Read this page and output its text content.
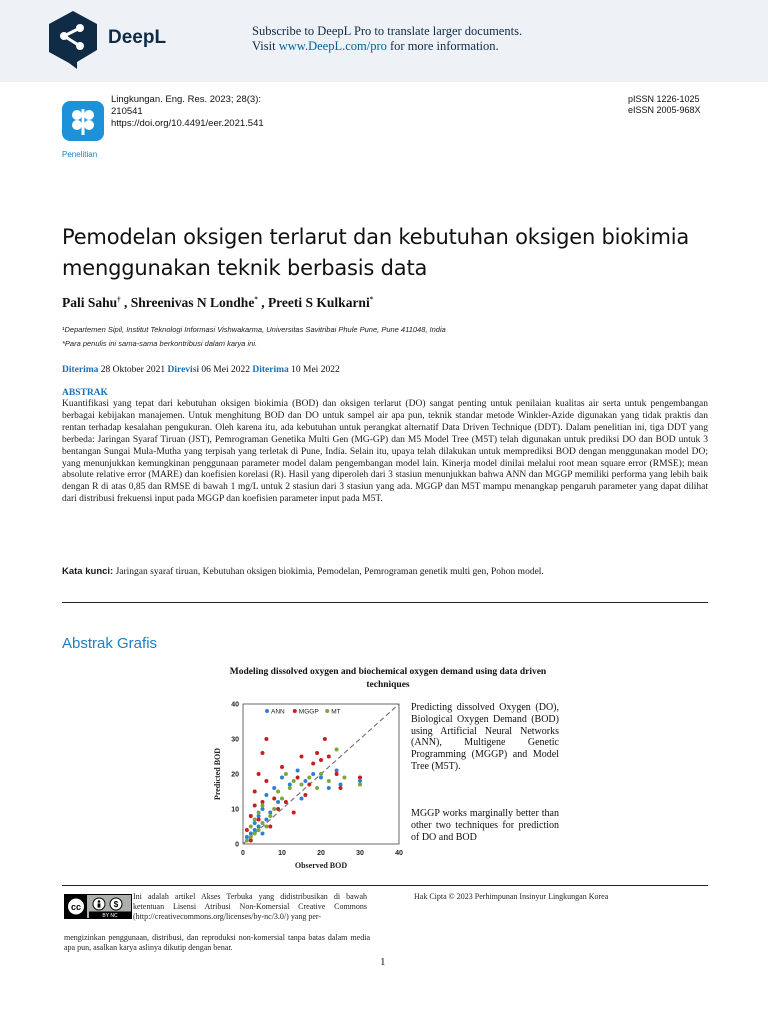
DeepL	Subscribe to DeepL Pro to translate larger documents.
Visit www.DeepL.com/pro for more information.
Penelitian
Lingkungan. Eng. Res. 2023; 28(3):
210541
https://doi.org/10.4491/eer.2021.541
pISSN 1226-1025
eISSN 2005-968X
Pemodelan oksigen terlarut dan kebutuhan oksigen biokimia menggunakan teknik berbasis data
Pali Sahu† , Shreenivas N Londhe* , Preeti S Kulkarni*
¹Departemen Sipil, Institut Teknologi Informasi Vishwakarma, Universitas Savitribai Phule Pune, Pune 411048, India
*Para penulis ini sama-sama berkontribusi dalam karya ini.
Diterima 28 Oktober 2021 Direvisi 06 Mei 2022 Diterima 10 Mei 2022
ABSTRAK
Kuantifikasi yang tepat dari kebutuhan oksigen biokimia (BOD) dan oksigen terlarut (DO) sangat penting untuk penilaian kualitas air serta untuk pengembangan berbagai kebijakan manajemen. Untuk menghitung BOD dan DO untuk sampel air apa pun, teknik standar metode Winkler-Azide digunakan yang tidak praktis dan rentan terhadap kesalahan pengukuran. Oleh karena itu, ada kebutuhan untuk perangkat alternatif Data Driven Technique (DDT). Dalam penelitian ini, tiga DDT yang berbeda: Jaringan Syaraf Tiruan (JST), Pemrograman Genetika Multi Gen (MG-GP) dan M5 Model Tree (M5T) telah digunakan untuk prediksi DO dan BOD untuk 3 bentangan Sungai Mula-Mutha yang terpisah yang terletak di Pune, India. Selain itu, upaya telah dilakukan untuk memprediksi BOD dengan menggunakan model DO; yang menunjukkan kemungkinan penggunaan parameter model dalam pengembangan model lain. Kinerja model dinilai melalui root mean square error (RMSE); mean absolute relative error (MARE) dan koefisien korelasi (R). Hasil yang diperoleh dari 3 stasiun menunjukkan bahwa ANN dan MGGP memiliki performa yang lebih baik dengan R di atas 0,85 dan RMSE di bawah 1 mg/L untuk 2 stasiun dari 3 stasiun yang ada. MGGP dan M5T mampu menangkap pengaruh parameter yang dapat dilihat dari distribusi frekuensi input pada MGGP dan koefisien parameter input pada M5T.
Kata kunci: Jaringan syaraf tiruan, Kebutuhan oksigen biokimia, Pemodelan, Pemrograman genetik multi gen, Pohon model.
Abstrak Grafis
Modeling dissolved oxygen and biochemical oxygen demand using data driven techniques
0	10	20	30	40
0
10
20
30
40
Observed BOD
Predicted BOD
ANN MGGP MT	Predicting dissolved Oxygen (DO), Biological Oxygen Demand (BOD) using Artificial Neural Networks (ANN), Multigene Genetic Programming (MGGP) and Model Tree (M5T).
MGGP works marginally better than other two techniques for prediction of DO and BOD
cc	$
BY NC
Ini adalah artikel Akses Terbuka yang didistribusikan di bawah ketentuan Lisensi Atribusi Non-Komersial Creative Commons (http://creativecommons.org/licenses/by-nc/3.0/) yang per-
mengizinkan penggunaan, distribusi, dan reproduksi non-komersial tanpa batas dalam media apa pun, asalkan karya aslinya dikutip dengan benar.
Hak Cipta © 2023 Perhimpunan Insinyur Lingkungan Korea
1
